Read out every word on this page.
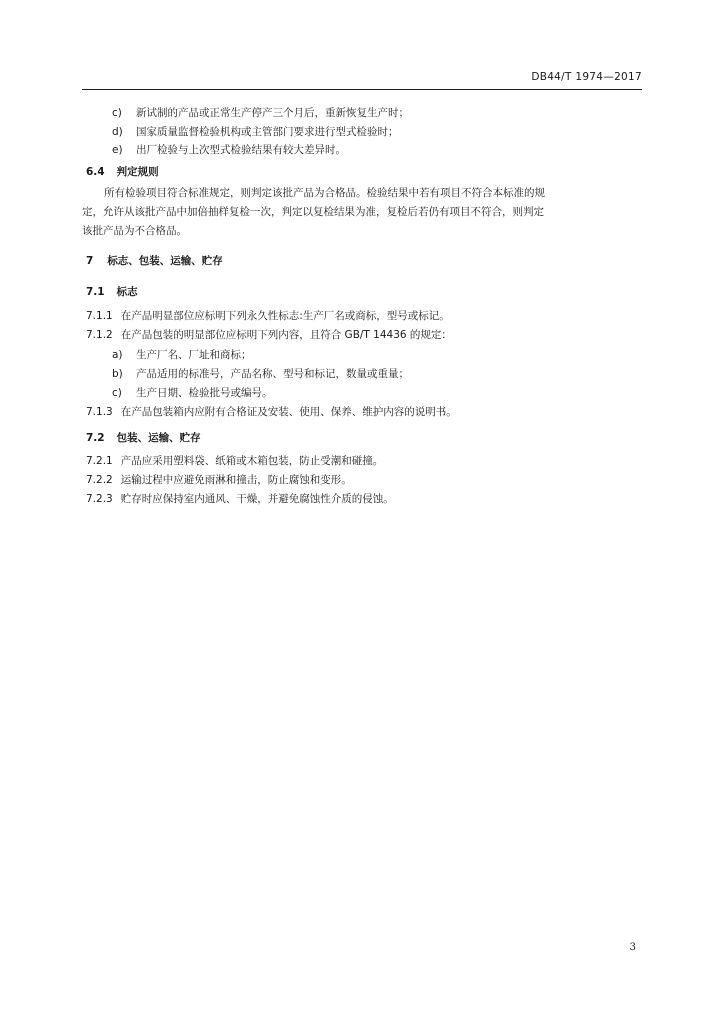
DB44/T 1974—2017
c) 新试制的产品或正常生产停产三个月后，重新恢复生产时；
d) 国家质量监督检验机构或主管部门要求进行型式检验时；
e) 出厂检验与上次型式检验结果有较大差异时。
6.4 判定规则
所有检验项目符合标准规定，则判定该批产品为合格品。检验结果中若有项目不符合本标准的规
定，允许从该批产品中加倍抽样复检一次，判定以复检结果为准，复检后若仍有项目不符合，则判定
该批产品为不合格品。
7 标志、包装、运输、贮存
7.1 标志
7.1.1 在产品明显部位应标明下列永久性标志:生产厂名或商标，型号或标记。
7.1.2 在产品包装的明显部位应标明下列内容，且符合 GB/T 14436 的规定：
a) 生产厂名、厂址和商标；
b) 产品适用的标准号，产品名称、型号和标记，数量或重量；
c) 生产日期、检验批号或编号。
7.1.3 在产品包装箱内应附有合格证及安装、使用、保养、维护内容的说明书。
7.2 包装、运输、贮存
7.2.1 产品应采用塑料袋、纸箱或木箱包装，防止受潮和碰撞。
7.2.2 运输过程中应避免雨淋和撞击，防止腐蚀和变形。
7.2.3 贮存时应保持室内通风、干燥，并避免腐蚀性介质的侵蚀。
3
